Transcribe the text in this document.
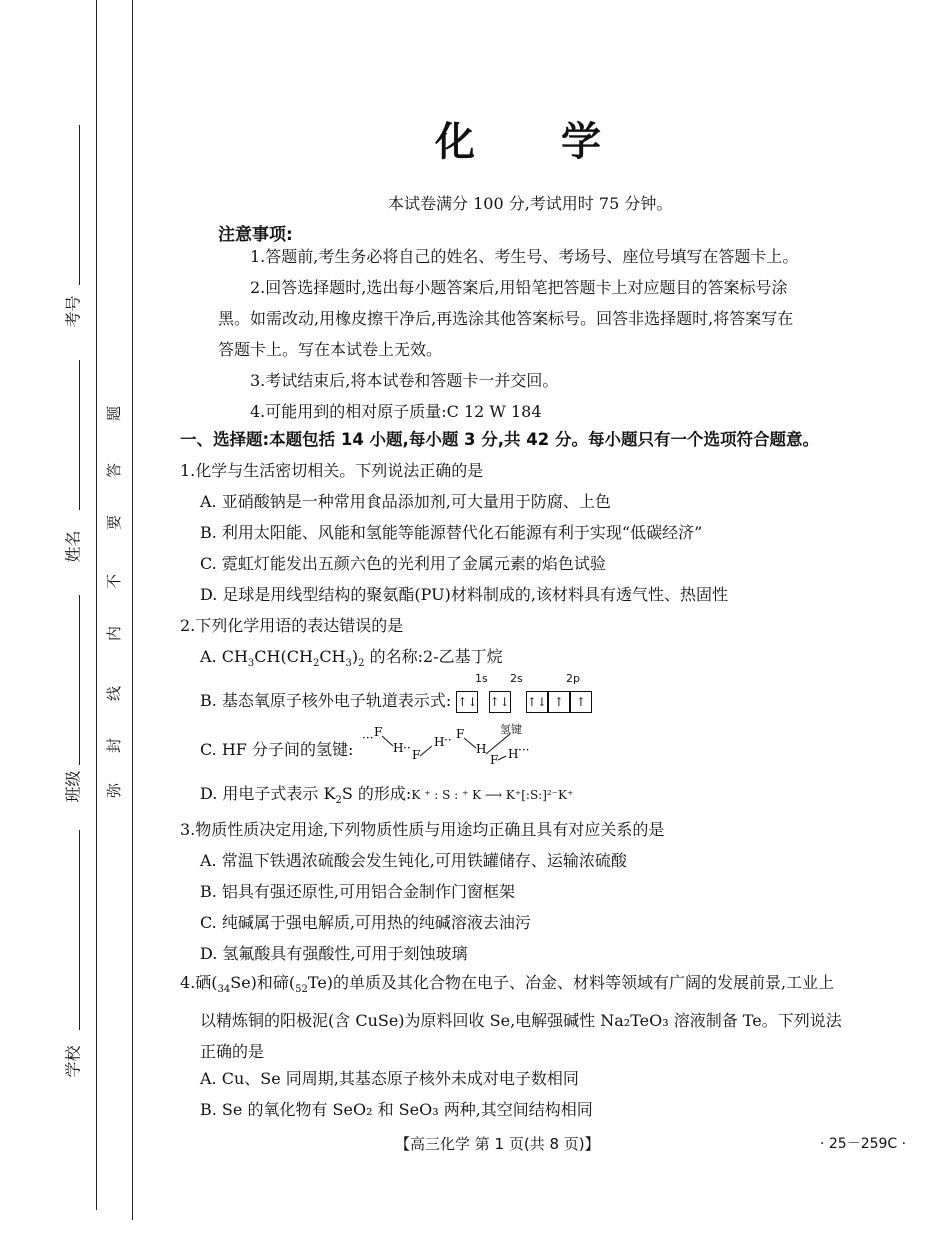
考号
姓名
班级
学校
弥
封
线
内
不
要
答
题
化学
本试卷满分 100 分,考试用时 75 分钟。
注意事项:

1.答题前,考生务必将自己的姓名、考生号、考场号、座位号填写在答题卡上。

2.回答选择题时,选出每小题答案后,用铅笔把答题卡上对应题目的答案标号涂

黑。如需改动,用橡皮擦干净后,再选涂其他答案标号。回答非选择题时,将答案写在

答题卡上。写在本试卷上无效。

3.考试结束后,将本试卷和答题卡一并交回。

4.可能用到的相对原子质量:C 12 W 184

一、选择题:本题包括 14 小题,每小题 3 分,共 42 分。每小题只有一个选项符合题意。
1.化学与生活密切相关。下列说法正确的是
A. 亚硝酸钠是一种常用食品添加剂,可大量用于防腐、上色
B. 利用太阳能、风能和氢能等能源替代化石能源有利于实现“低碳经济”
C. 霓虹灯能发出五颜六色的光利用了金属元素的焰色试验
D. 足球是用线型结构的聚氨酯(PU)材料制成的,该材料具有透气性、热固性
2.下列化学用语的表达错误的是
A. $CH_3CH(CH_2CH_3)_2$ 的名称:2-乙基丁烷
B. 基态氧原子核外电子轨道表示式: ↑↓ ↑↓ ↑↓ ↑ ↑
1s 2s	2p
C. HF 分子间的氢键:
··· F
H ·· F
H ·· F
H
F H ···
氢键
D. 用电子式表示 $K_2S$ 的形成:K ⁺ : S : ⁺ K ⟶ K⁺[:S:]²⁻K⁺
3.物质性质决定用途,下列物质性质与用途均正确且具有对应关系的是
A. 常温下铁遇浓硫酸会发生钝化,可用铁罐储存、运输浓硫酸
B. 铝具有强还原性,可用铝合金制作门窗框架
C. 纯碱属于强电解质,可用热的纯碱溶液去油污
D. 氢氟酸具有强酸性,可用于刻蚀玻璃

4.硒$(_{34}Se)$和碲$(_{52}Te)$的单质及其化合物在电子、冶金、材料等领域有广阔的发展前景,工业上

以精炼铜的阳极泥(含 CuSe)为原料回收 Se,电解强碱性 Na₂TeO₃ 溶液制备 Te。下列说法

正确的是

A. Cu、Se 同周期,其基态原子核外未成对电子数相同
B. Se 的氧化物有 SeO₂ 和 SeO₃ 两种,其空间结构相同
【高三化学 第 1 页(共 8 页)】	· 25－259C ·
